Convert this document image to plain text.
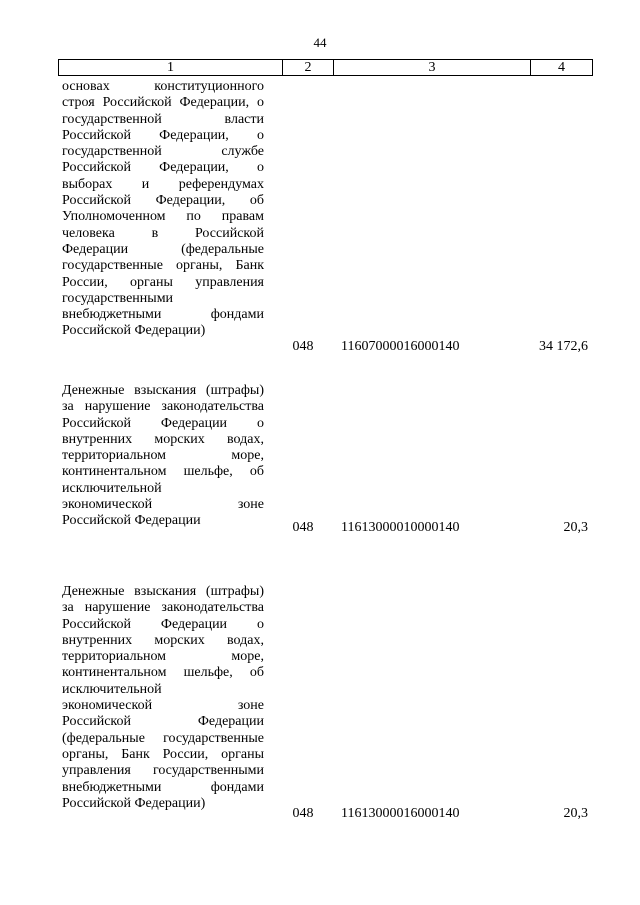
44
1	2	3	4
основах конституционного
строя Российской Федерации, о
государственной власти
Российской Федерации, о
государственной службе
Российской Федерации, о
выборах и референдумах
Российской Федерации, об
Уполномоченном по правам
человека в Российской
Федерации (федеральные
государственные органы, Банк
России, органы управления
государственными
внебюджетными фондами
Российской Федерации)
048 11607000016000140	34 172,6
Денежные взыскания (штрафы)
за нарушение законодательства
Российской Федерации о
внутренних морских водах,
территориальном море,
континентальном шельфе, об
исключительной
экономической зоне
Российской Федерации	048 11613000010000140	20,3
Денежные взыскания (штрафы)
за нарушение законодательства
Российской Федерации о
внутренних морских водах,
территориальном море,
континентальном шельфе, об
исключительной
экономической зоне
Российской Федерации
(федеральные государственные
органы, Банк России, органы
управления государственными
внебюджетными фондами
Российской Федерации)
048 11613000016000140	20,3
